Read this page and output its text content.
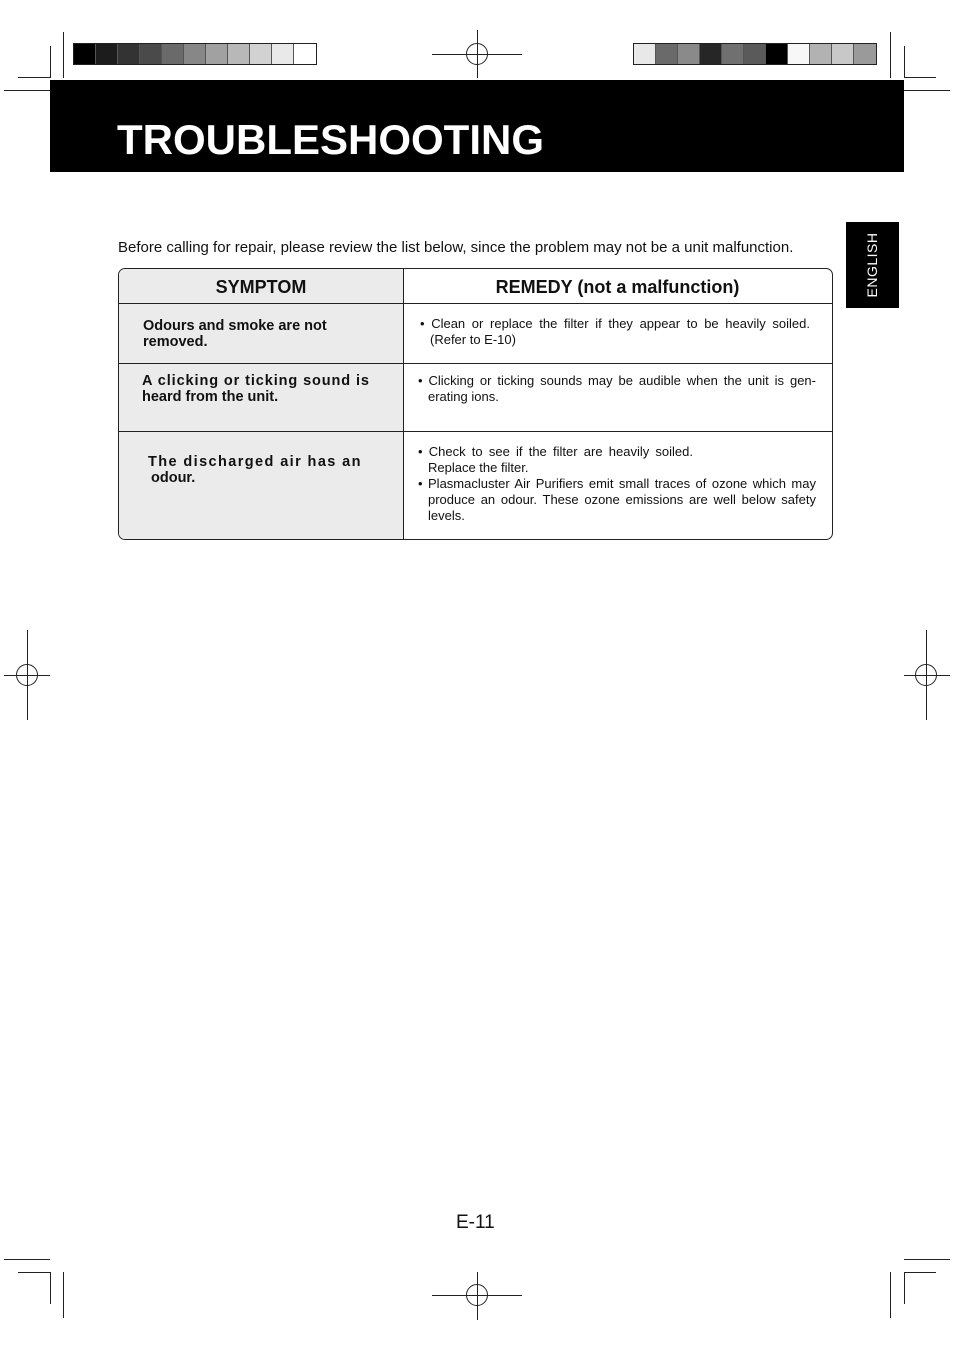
TROUBLESHOOTING
ENGLISH

Before calling for repair, please review the list below, since the problem may not be a unit malfunction.

SYMPTOM	REMEDY (not a malfunction)
Odours and smoke are not
removed.
• Clean or replace the filter if they appear to be heavily soiled. (Refer to E-10)
A clicking or ticking sound is
heard from the unit.
• Clicking or ticking sounds may be audible when the unit is gen- erating ions.
The discharged air has an
odour.
• Check to see if the filter are heavily soiled. Replace the filter.
• Plasmacluster Air Purifiers emit small traces of ozone which may produce an odour. These ozone emissions are well below safety levels.

E-11
